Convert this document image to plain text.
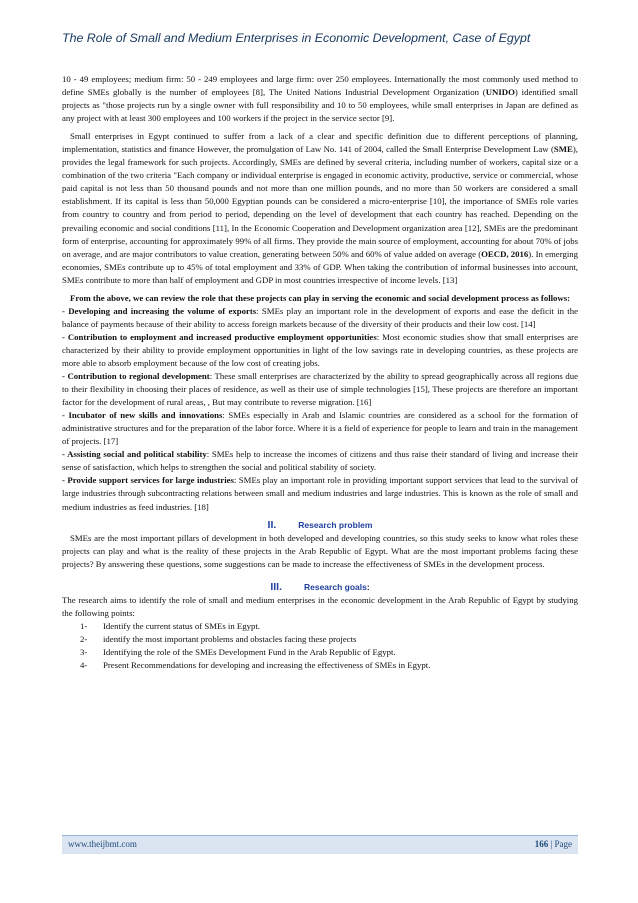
The Role of Small and Medium Enterprises in Economic Development, Case of Egypt

10 - 49 employees; medium firm: 50 - 249 employees and large firm: over 250 employees. Internationally the most commonly used method to define SMEs globally is the number of employees [8], The United Nations Industrial Development Organization (UNIDO) identified small projects as "those projects run by a single owner with full responsibility and 10 to 50 employees, while small enterprises in Japan are defined as any project with at least 300 employees and 100 workers if the project in the service sector [9].

Small enterprises in Egypt continued to suffer from a lack of a clear and specific definition due to different perceptions of planning, implementation, statistics and finance However, the promulgation of Law No. 141 of 2004, called the Small Enterprise Development Law (SME), provides the legal framework for such projects. Accordingly, SMEs are defined by several criteria, including number of workers, capital size or a combination of the two criteria "Each company or individual enterprise is engaged in economic activity, productive, service or commercial, whose paid capital is not less than 50 thousand pounds and not more than one million pounds, and no more than 50 workers are considered a small establishment. If its capital is less than 50,000 Egyptian pounds can be considered a micro-enterprise [10], the importance of SMEs role varies from country to country and from period to period, depending on the level of development that each country has reached. Depending on the prevailing economic and social conditions [11], In the Economic Cooperation and Development organization area [12], SMEs are the predominant form of enterprise, accounting for approximately 99% of all firms. They provide the main source of employment, accounting for about 70% of jobs on average, and are major contributors to value creation, generating between 50% and 60% of value added on average (OECD, 2016). In emerging economies, SMEs contribute up to 45% of total employment and 33% of GDP. When taking the contribution of informal businesses into account, SMEs contribute to more than half of employment and GDP in most countries irrespective of income levels. [13]

From the above, we can review the role that these projects can play in serving the economic and social development process as follows:

- Developing and increasing the volume of exports: SMEs play an important role in the development of exports and ease the deficit in the balance of payments because of their ability to access foreign markets because of the diversity of their products and their low cost. [14]

- Contribution to employment and increased productive employment opportunities: Most economic studies show that small enterprises are characterized by their ability to provide employment opportunities in light of the low savings rate in developing countries, as these projects are more able to absorb employment because of the low cost of creating jobs.

- Contribution to regional development: These small enterprises are characterized by the ability to spread geographically across all regions due to their flexibility in choosing their places of residence, as well as their use of simple technologies [15], These projects are therefore an important factor for the development of rural areas, , But may contribute to reverse migration. [16]

- Incubator of new skills and innovations: SMEs especially in Arab and Islamic countries are considered as a school for the formation of administrative structures and for the preparation of the labor force. Where it is a field of experience for people to learn and train in the management of projects. [17]

- Assisting social and political stability: SMEs help to increase the incomes of citizens and thus raise their standard of living and increase their sense of satisfaction, which helps to strengthen the social and political stability of society.

- Provide support services for large industries: SMEs play an important role in providing important support services that lead to the survival of large industries through subcontracting relations between small and medium industries and large industries. This is known as the role of small and medium industries as feed industries. [18]

II.	Research problem

SMEs are the most important pillars of development in both developed and developing countries, so this study seeks to know what roles these projects can play and what is the reality of these projects in the Arab Republic of Egypt. What are the most important problems facing these projects? By answering these questions, some suggestions can be made to increase the effectiveness of SMEs in the development process.

III.	Research goals:

The research aims to identify the role of small and medium enterprises in the economic development in the Arab Republic of Egypt by studying the following points:

1-	Identify the current status of SMEs in Egypt.
2-	identify the most important problems and obstacles facing these projects
3-	Identifying the role of the SMEs Development Fund in the Arab Republic of Egypt.
4-	Present Recommendations for developing and increasing the effectiveness of SMEs in Egypt.
www.theijbmt.com	166 | Page
